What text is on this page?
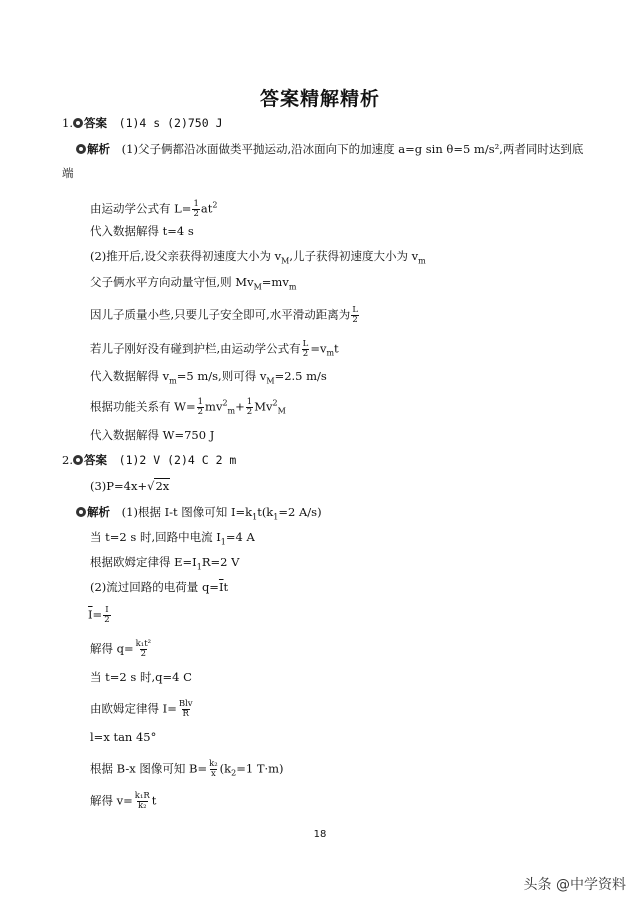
答案精解精析
1. 答案 (1)4 s (2)750 J
解析 (1)父子俩都沿冰面做类平抛运动,沿冰面向下的加速度 a=g sin θ=5 m/s²,两者同时达到底
端
由运动学公式有 $L= \frac{1}{2} at^2$
代入数据解得 t=4 s
(2)推开后,设父亲获得初速度大小为 $v_M$,儿子获得初速度大小为 $v_m$
父子俩水平方向动量守恒,则 $Mv_M=mv_m$
因儿子质量小些,只要儿子安全即可,水平滑动距离为 $\frac{L}{2}$
若儿子刚好没有碰到护栏,由运动学公式有 $\frac{L}{2} =v_mt$
代入数据解得 $v_m=5$ m/s,则可得 $v_M=2.5$ m/s
根据功能关系有 $W= \frac{1}{2} mv^2_m+ \frac{1}{2} Mv^2_M$
代入数据解得 W=750 J
2. 答案 (1)2 V (2)4 C 2 m
(3)P=4x+√2x
解析 (1)根据 I-t 图像可知 $I=k_1t(k_1=2$ A/s)
当 t=2 s 时,回路中电流 $I_1=4$ A
根据欧姆定律得 $E=I_1R=2$ V
(2)流过回路的电荷量 $q=\overline{I}t$
$\overline{I}= \frac{I}{2}$
解得 $q= \frac{\text{k₁t²}}{2}$
当 t=2 s 时,q=4 C
由欧姆定律得 $I= \frac{\text{Blv}}{R}$
l=x tan 45°
根据 B-x 图像可知 $B= \frac{\text{k₂}}{x} (k_2=1$ T·m)
解得 $v= \frac{\text{k₁R}}{\text{k₂}}$ t
18
头条 @中学资料
